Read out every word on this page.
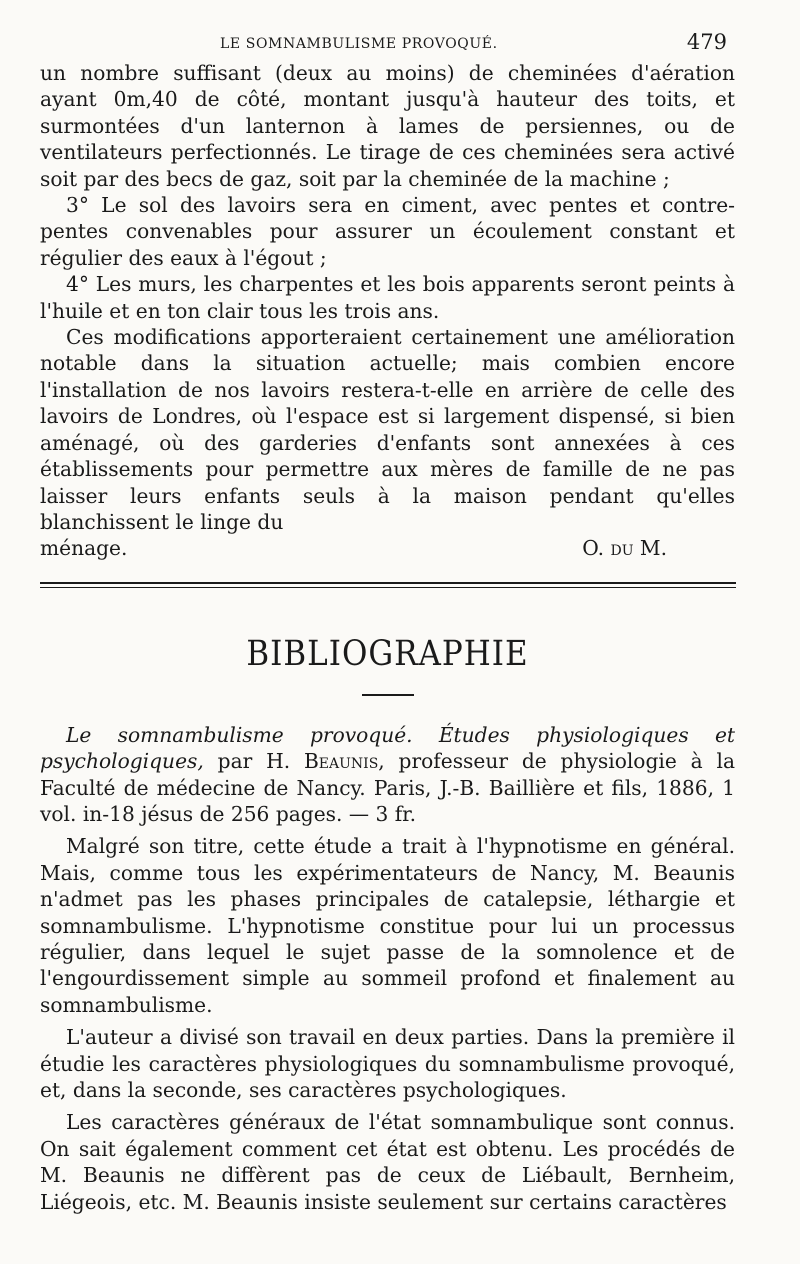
LE SOMNAMBULISME PROVOQUÉ.	479

un nombre suffisant (deux au moins) de cheminées d'aération ayant 0m,40 de côté, montant jusqu'à hauteur des toits, et surmontées d'un lanternon à lames de persiennes, ou de ventilateurs perfectionnés. Le tirage de ces cheminées sera activé soit par des becs de gaz, soit par la cheminée de la machine ;

3° Le sol des lavoirs sera en ciment, avec pentes et contre-pentes convenables pour assurer un écoulement constant et régulier des eaux à l'égout ;

4° Les murs, les charpentes et les bois apparents seront peints à l'huile et en ton clair tous les trois ans.

Ces modifications apporteraient certainement une amélioration notable dans la situation actuelle; mais combien encore l'installation de nos lavoirs restera-t-elle en arrière de celle des lavoirs de Londres, où l'espace est si largement dispensé, si bien aménagé, où des garderies d'enfants sont annexées à ces établissements pour permettre aux mères de famille de ne pas laisser leurs enfants seuls à la maison pendant qu'elles blanchissent le linge du

ménage.	O. du M.
BIBLIOGRAPHIE

Le somnambulisme provoqué. Études physiologiques et psychologiques, par H. Beaunis, professeur de physiologie à la Faculté de médecine de Nancy. Paris, J.-B. Baillière et fils, 1886, 1 vol. in-18 jésus de 256 pages. — 3 fr.

Malgré son titre, cette étude a trait à l'hypnotisme en général. Mais, comme tous les expérimentateurs de Nancy, M. Beaunis n'admet pas les phases principales de catalepsie, léthargie et somnambulisme. L'hypnotisme constitue pour lui un processus régulier, dans lequel le sujet passe de la somnolence et de l'engourdissement simple au sommeil profond et finalement au somnambulisme.

L'auteur a divisé son travail en deux parties. Dans la première il étudie les caractères physiologiques du somnambulisme provoqué, et, dans la seconde, ses caractères psychologiques.

Les caractères généraux de l'état somnambulique sont connus. On sait également comment cet état est obtenu. Les procédés de M. Beaunis ne diffèrent pas de ceux de Liébault, Bernheim, Liégeois, etc. M. Beaunis insiste seulement sur certains caractères
